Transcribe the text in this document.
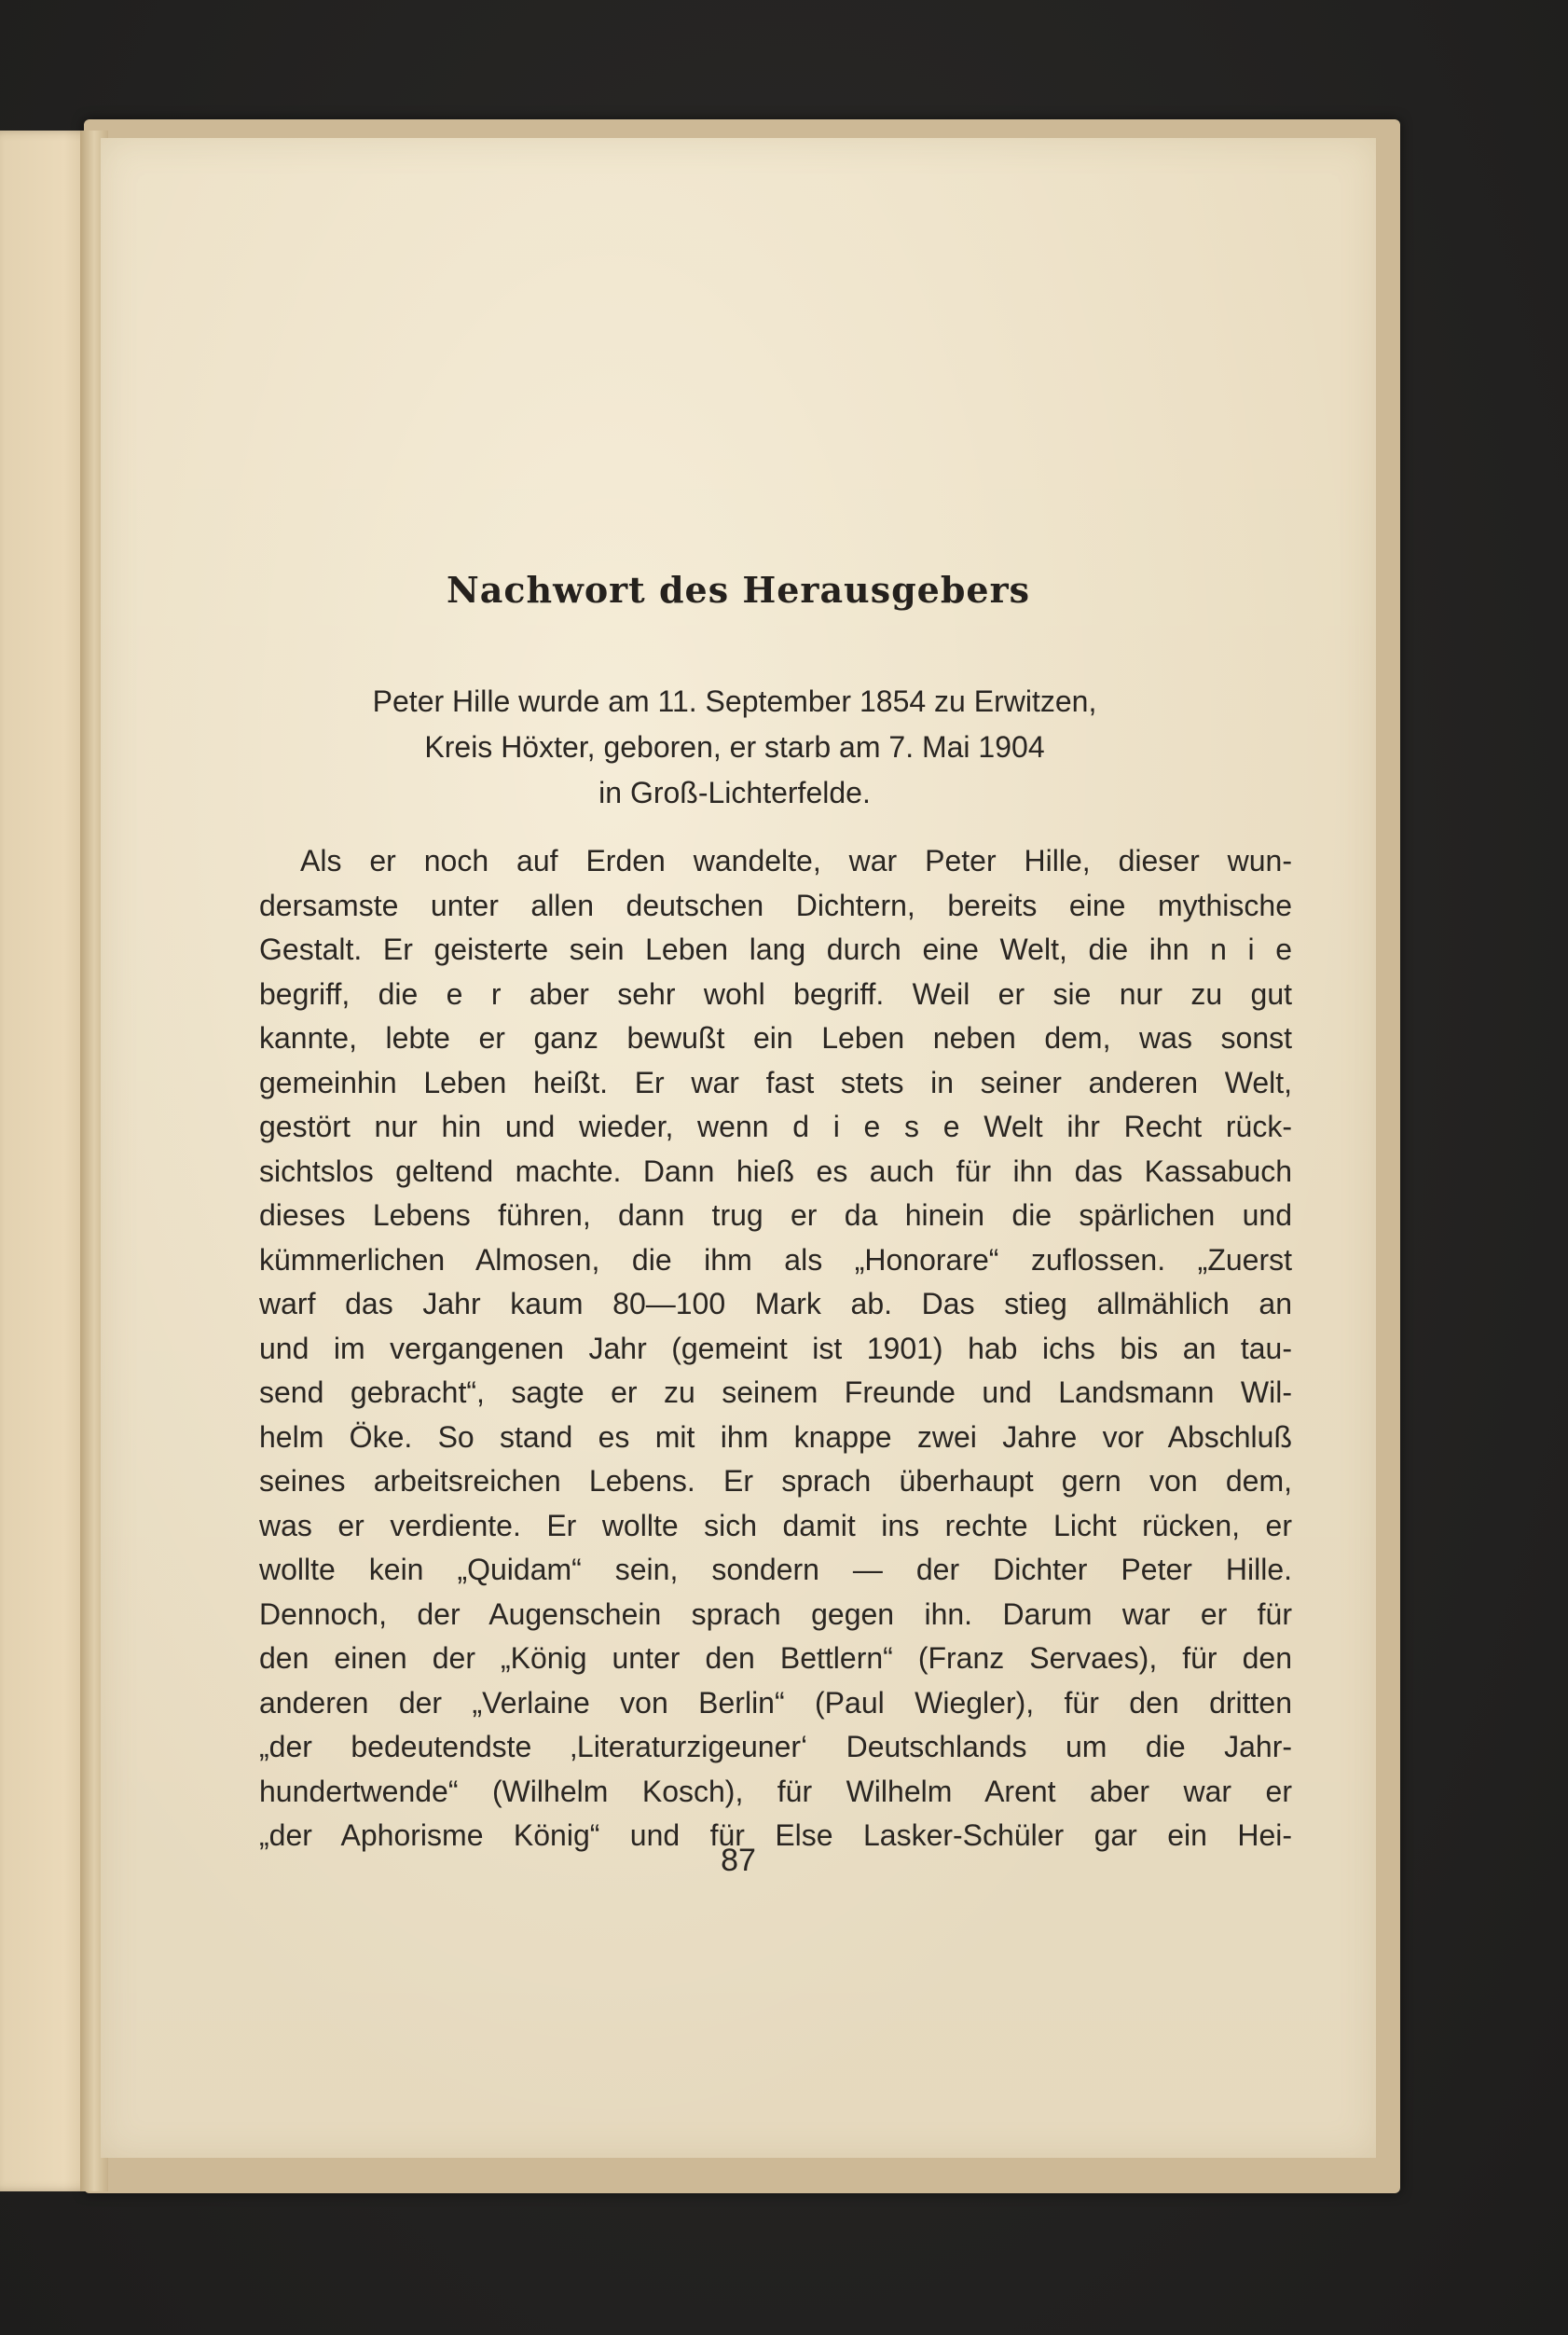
Nachwort des Herausgebers
Peter Hille wurde am 11. September 1854 zu Erwitzen,
Kreis Höxter, geboren, er starb am 7. Mai 1904
in Groß-Lichterfelde.
Als er noch auf Erden wandelte, war Peter Hille, dieser wun-
dersamste unter allen deutschen Dichtern, bereits eine mythische
Gestalt. Er geisterte sein Leben lang durch eine Welt, die ihn n i e
begriff, die e r aber sehr wohl begriff. Weil er sie nur zu gut
kannte, lebte er ganz bewußt ein Leben neben dem, was sonst
gemeinhin Leben heißt. Er war fast stets in seiner anderen Welt,
gestört nur hin und wieder, wenn d i e s e Welt ihr Recht rück-
sichtslos geltend machte. Dann hieß es auch für ihn das Kassabuch
dieses Lebens führen, dann trug er da hinein die spärlichen und
kümmerlichen Almosen, die ihm als „Honorare“ zuflossen. „Zuerst
warf das Jahr kaum 80—100 Mark ab. Das stieg allmählich an
und im vergangenen Jahr (gemeint ist 1901) hab ichs bis an tau-
send gebracht“, sagte er zu seinem Freunde und Landsmann Wil-
helm Öke. So stand es mit ihm knappe zwei Jahre vor Abschluß
seines arbeitsreichen Lebens. Er sprach überhaupt gern von dem,
was er verdiente. Er wollte sich damit ins rechte Licht rücken, er
wollte kein „Quidam“ sein, sondern — der Dichter Peter Hille.
Dennoch, der Augenschein sprach gegen ihn. Darum war er für
den einen der „König unter den Bettlern“ (Franz Servaes), für den
anderen der „Verlaine von Berlin“ (Paul Wiegler), für den dritten
„der bedeutendste ‚Literaturzigeuner‘ Deutschlands um die Jahr-
hundertwende“ (Wilhelm Kosch), für Wilhelm Arent aber war er
„der Aphorisme König“ und für Else Lasker-Schüler gar ein Hei-
87
